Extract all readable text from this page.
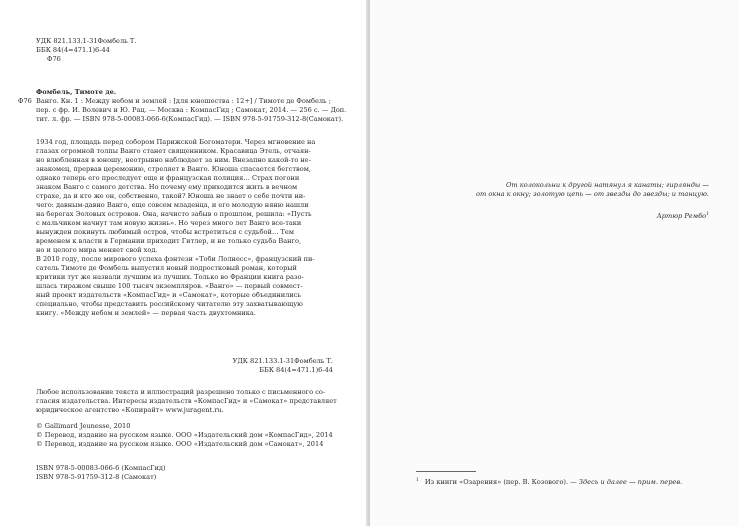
УДК 821.133.1-31Фомбель Т.
ББК 84(4=471.1)6-44
Ф76
Фомбель, Тимоте де.
Ф76 Ванго. Кн. 1 : Между небом и землей : [для юношества : 12+] / Тимоте де Фомбель ;
пер. с фр. И. Волевич и Ю. Рац. — Москва : КомпасГид ; Самокат, 2014. — 256 с. — Доп.
тит. л. фр. — ISBN 978-5-00083-066-6(КомпасГид). — ISBN 978-5-91759-312-8(Самокат).
1934 год, площадь перед собором Парижской Богоматери. Через мгновение на
глазах огромной толпы Ванго станет священником. Красавица Этель, отчаян-
но влюбленная в юношу, неотрывно наблюдает за ним. Внезапно какой-то не-
знакомец, прервав церемонию, стреляет в Ванго. Юноша спасается бегством,
однако теперь его преследует еще и французская полиция… Страх погони
знаком Ванго с самого детства. Но почему ему приходится жить в вечном
страхе, да и кто же он, собственно, такой? Юноша не знает о себе почти ни-
чего: давным-давно Ванго, еще совсем младенца, и его молодую няню нашли
на берегах Эоловых островов. Она, начисто забыв о прошлом, решила: «Пусть
с мальчиком начнут там новую жизнь». Но через много лет Ванго все-таки
вынужден покинуть любимый остров, чтобы встретиться с судьбой… Тем
временем к власти в Германии приходит Гитлер, и не только судьба Ванго,
но и целого мира меняет свой ход.
В 2010 году, после мирового успеха фэнтези «Тоби Лолнесс», французский пи-
сатель Тимоте де Фомбель выпустил новый подростковый роман, который
критики тут же назвали лучшим из лучших. Только во Франции книга разо-
шлась тиражом свыше 100 тысяч экземпляров. «Ванго» — первый совмест-
ный проект издательств «КомпасГид» и «Самокат», которые объединились
специально, чтобы представить российскому читателю эту захватывающую
книгу. «Между небом и землей» — первая часть двухтомника.
УДК 821.133.1-31Фомбель Т.
ББК 84(4=471.1)6-44
Любое использование текста и иллюстраций разрешено только с письменного со-
гласия издательства. Интересы издательств «КомпасГид» и «Самокат» представляет
юридическое агентство «Копирайт» www.juragent.ru.
© Gallimard Jeunesse, 2010
© Перевод, издание на русском языке. ООО «Издательский дом «КомпасГид», 2014
© Перевод, издание на русском языке. ООО «Издательский дом «Самокат», 2014
ISBN 978-5-00083-066-6 (КомпасГид)
ISBN 978-5-91759-312-8 (Самокат)
От колокольни к другой натянул я канаты; гирлянды —
от окна к окну; золотую цепь — от звезды до звезды; и танцую.
Артюр Рембо$^1$
$^1$ Из книги «Озарения» (пер. В. Козового). — Здесь и далее — прим. перев.
